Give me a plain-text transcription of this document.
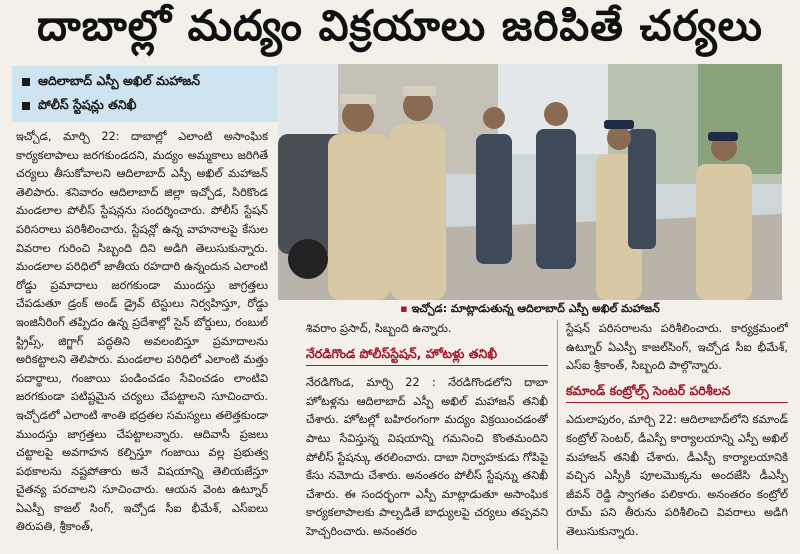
దాబాల్లో మద్యం విక్రయాలు జరిపితే చర్యలు
ఆదిలాబాద్ ఎస్పీ అఖిల్ మహాజన్
పోలీస్ స్టేషన్లు తనిఖీ

ఇచ్చోడ, మార్చి 22: దాబాల్లో ఎలాంటి అసాంఘిక కార్యకలాపాలు జరగకుండదని, మద్యం అమ్మకాలు జరిగితే చర్యలు తీసుకోవాలని ఆదిలాబాద్ ఎస్పీ అఖిల్ మహాజన్ తెలిపారు. శనివారం ఆదిలాబాద్ జిల్లా ఇచ్చోడ, సిరికొండ మండలాల పోలీస్ స్టేషన్లను సందర్శించారు. పోలీస్ స్టేషన్ పరిసరాలు పరిశీలించారు. స్టేషన్లో ఉన్న వాహనాలపై కేసుల వివరాల గురించి సిబ్బంది దిని అడిగి తెలుసుకున్నారు. మండలాల పరిధిలో జాతీయ రహదారి ఉన్నందున ఎలాంటి రోడ్డు ప్రమాదాలు జరగకుండా ముందస్తు జాగ్రత్తలు చేపడుతూ డ్రంక్ అండ్ డ్రైవ్ టెస్టులు నిర్వహిస్తూ, రోడ్డు ఇంజినీరింగ్ తప్పిదం ఉన్న ప్రదేశాల్లో సైన్ బోర్డులు, రంబుల్ స్ట్రిప్స్, జిగ్జాగ్ పద్ధతిని అవలంబిస్తూ ప్రమాదాలను అరికట్టాలని తెలిపారు. మండలాల పరిధిలో ఎలాంటి మత్తు పదార్థాలు, గంజాయి పండించడం సేవించడం లాంటివి జరగకుండా పటిష్టమైన చర్యలు చేపట్టాలని సూచించారు. ఇచ్చోడలో ఎలాంటి శాంతి భద్రతల సమస్యలు తలెత్తకుండా ముందస్తు జాగ్రత్తలు చేపట్టాలన్నారు. ఆదివాసీ ప్రజలు చట్టాలపై అవగాహన కల్పిస్తూ గంజాయి వల్ల ప్రభుత్వ పథకాలను నష్టపోతారు అనే విషయాన్ని తెలియజేస్తూ చైతన్య పరచాలని సూచించారు. ఆయన వెంట ఉట్నూర్ ఏఎస్పీ కాజల్ సింగ్, ఇచ్చోడ సీఐ భీమేశ్, ఎస్ఐలు తిరుపతి, శ్రీకాంత్,

▪ ఇచ్చోడ: మాట్లాడుతున్న ఆదిలాబాద్ ఎస్పీ అఖిల్ మహాజన్

శివరాం ప్రసాద్, సిబ్బంది ఉన్నారు.

నేరడిగొండ పోలీస్‌స్టేషన్, హోటళ్లు తనిఖీ

నేరడిగొండ, మార్చి 22 : నేరడిగొండలోని దాబా హోటళ్లను ఆదిలాబాద్ ఎస్పీ అఖిల్ మహాజన్ తనిఖీ చేశారు. హోటల్లో బహిరంగంగా మద్యం విక్రయించడంతో పాటు సేవిస్తున్న విషయాన్ని గమనించి కొంతమందిని పోలీస్ స్టేషన్కు తరలించారు. దాబా నిర్వాహకుడు గోపిపై కేసు నమోదు చేశారు. అనంతరం పోలీస్ స్టేషన్ను తనిఖీ చేశారు. ఈ సందర్భంగా ఎస్పీ మాట్లాడుతూ అసాంఘిక కార్యకలాపాలకు పాల్పడితే బాధ్యులపై చర్యలు తప్పవని హెచ్చరించారు. అనంతరం

స్టేషన్ పరిసరాలను పరిశీలించారు. కార్యక్రమంలో ఉట్నూర్ ఏఎస్పీ కాజల్‌సింగ్, ఇచ్చోడ సీఐ భీమేశ్, ఎస్ఐ శ్రీకాంత్, సిబ్బంది పాల్గొన్నారు.

కమాండ్ కంట్రోల్స్ సెంటర్ పరిశీలన

ఎదులాపురం, మార్చి 22: ఆదిలాబాద్‌లోని కమాండ్ కంట్రోల్ సెంటర్, డీఎస్పీ కార్యాలయాన్ని ఎస్పీ అఖిల్ మహాజన్ తనిఖీ చేశారు. డీఎస్పీ కార్యాలయానికి వచ్చిన ఎస్పీకి పూలమొక్కను అందజేసి డీఎస్పీ జీవన్ రెడ్డి స్వాగతం పలికారు. అనంతరం కంట్రోల్ రూమ్ పని తీరును పరిశీలించి వివరాలు అడిగి తెలుసుకున్నారు.
